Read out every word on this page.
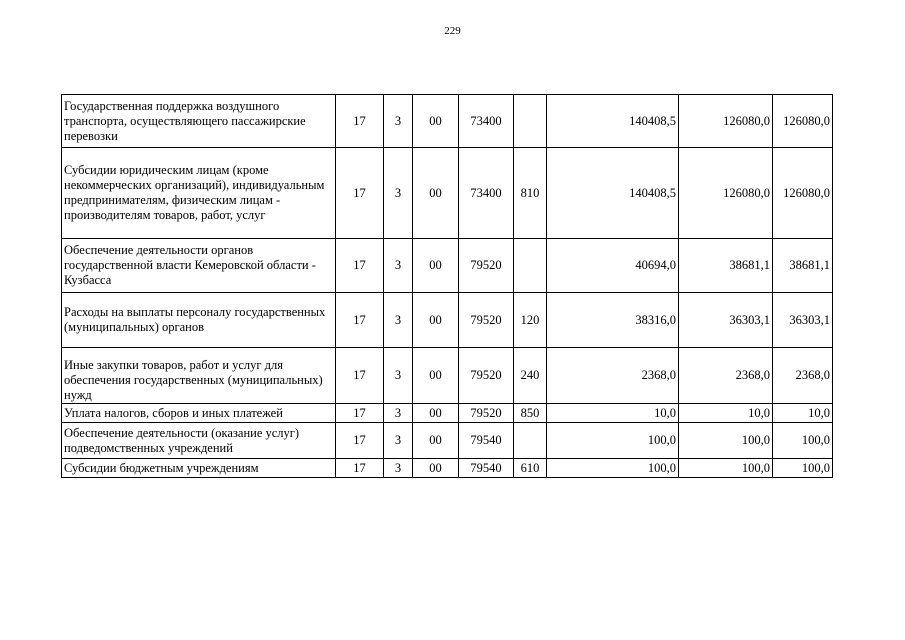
229
Государственная поддержка воздушного транспорта, осуществляющего пассажирские перевозки	17	3	00	73400		140408,5	126080,0	126080,0
Субсидии юридическим лицам (кроме некоммерческих организаций), индивидуальным предпринимателям, физическим лицам - производителям товаров, работ, услуг	17	3	00	73400	810	140408,5	126080,0	126080,0
Обеспечение деятельности органов государственной власти Кемеровской области - Кузбасса	17	3	00	79520		40694,0	38681,1	38681,1
Расходы на выплаты персоналу государственных (муниципальных) органов	17	3	00	79520	120	38316,0	36303,1	36303,1
Иные закупки товаров, работ и услуг для обеспечения государственных (муниципальных) нужд	17	3	00	79520	240	2368,0	2368,0	2368,0
Уплата налогов, сборов и иных платежей	17	3	00	79520	850	10,0	10,0	10,0
Обеспечение деятельности (оказание услуг) подведомственных учреждений	17	3	00	79540		100,0	100,0	100,0
Субсидии бюджетным учреждениям	17	3	00	79540	610	100,0	100,0	100,0
